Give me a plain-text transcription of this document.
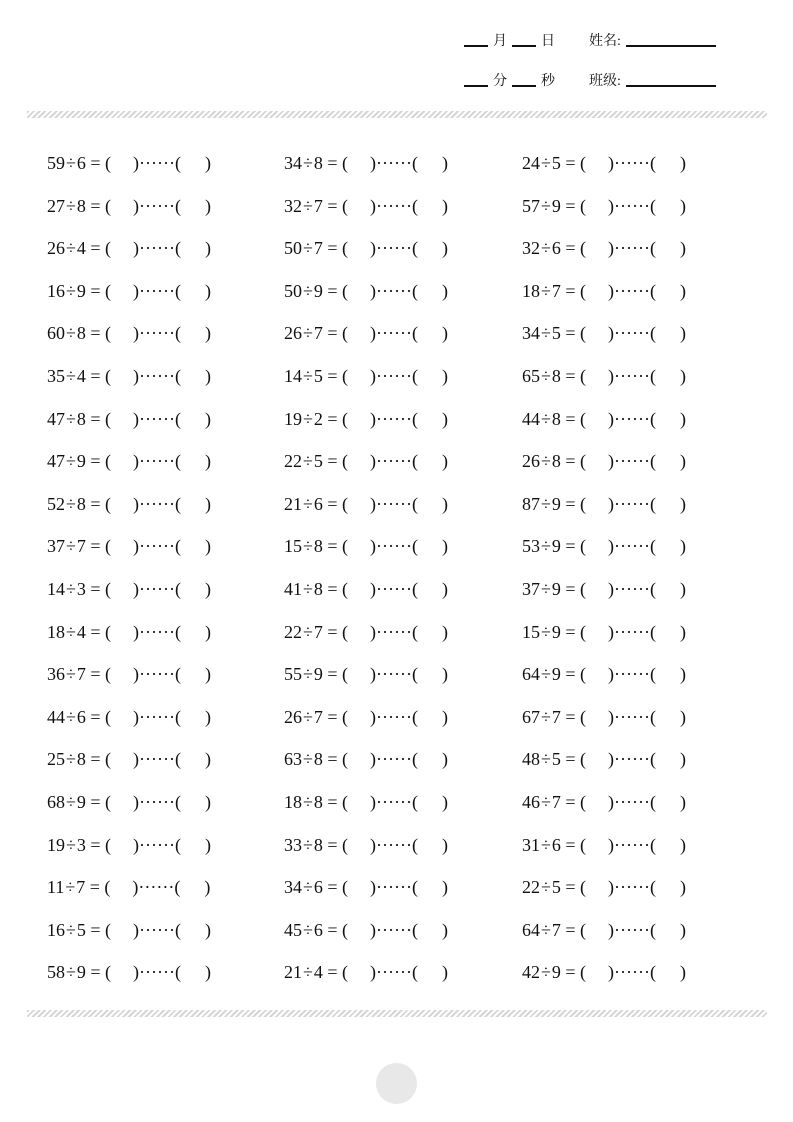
月 日 姓名:
分 秒 班级:
59÷6 = ( )······( )	34÷8 = ( )······( )	24÷5 = ( )······( )
27÷8 = ( )······( )	32÷7 = ( )······( )	57÷9 = ( )······( )
26÷4 = ( )······( )	50÷7 = ( )······( )	32÷6 = ( )······( )
16÷9 = ( )······( )	50÷9 = ( )······( )	18÷7 = ( )······( )
60÷8 = ( )······( )	26÷7 = ( )······( )	34÷5 = ( )······( )
35÷4 = ( )······( )	14÷5 = ( )······( )	65÷8 = ( )······( )
47÷8 = ( )······( )	19÷2 = ( )······( )	44÷8 = ( )······( )
47÷9 = ( )······( )	22÷5 = ( )······( )	26÷8 = ( )······( )
52÷8 = ( )······( )	21÷6 = ( )······( )	87÷9 = ( )······( )
37÷7 = ( )······( )	15÷8 = ( )······( )	53÷9 = ( )······( )
14÷3 = ( )······( )	41÷8 = ( )······( )	37÷9 = ( )······( )
18÷4 = ( )······( )	22÷7 = ( )······( )	15÷9 = ( )······( )
36÷7 = ( )······( )	55÷9 = ( )······( )	64÷9 = ( )······( )
44÷6 = ( )······( )	26÷7 = ( )······( )	67÷7 = ( )······( )
25÷8 = ( )······( )	63÷8 = ( )······( )	48÷5 = ( )······( )
68÷9 = ( )······( )	18÷8 = ( )······( )	46÷7 = ( )······( )
19÷3 = ( )······( )	33÷8 = ( )······( )	31÷6 = ( )······( )
11÷7 = ( )······( )	34÷6 = ( )······( )	22÷5 = ( )······( )
16÷5 = ( )······( )	45÷6 = ( )······( )	64÷7 = ( )······( )
58÷9 = ( )······( )	21÷4 = ( )······( )	42÷9 = ( )······( )
